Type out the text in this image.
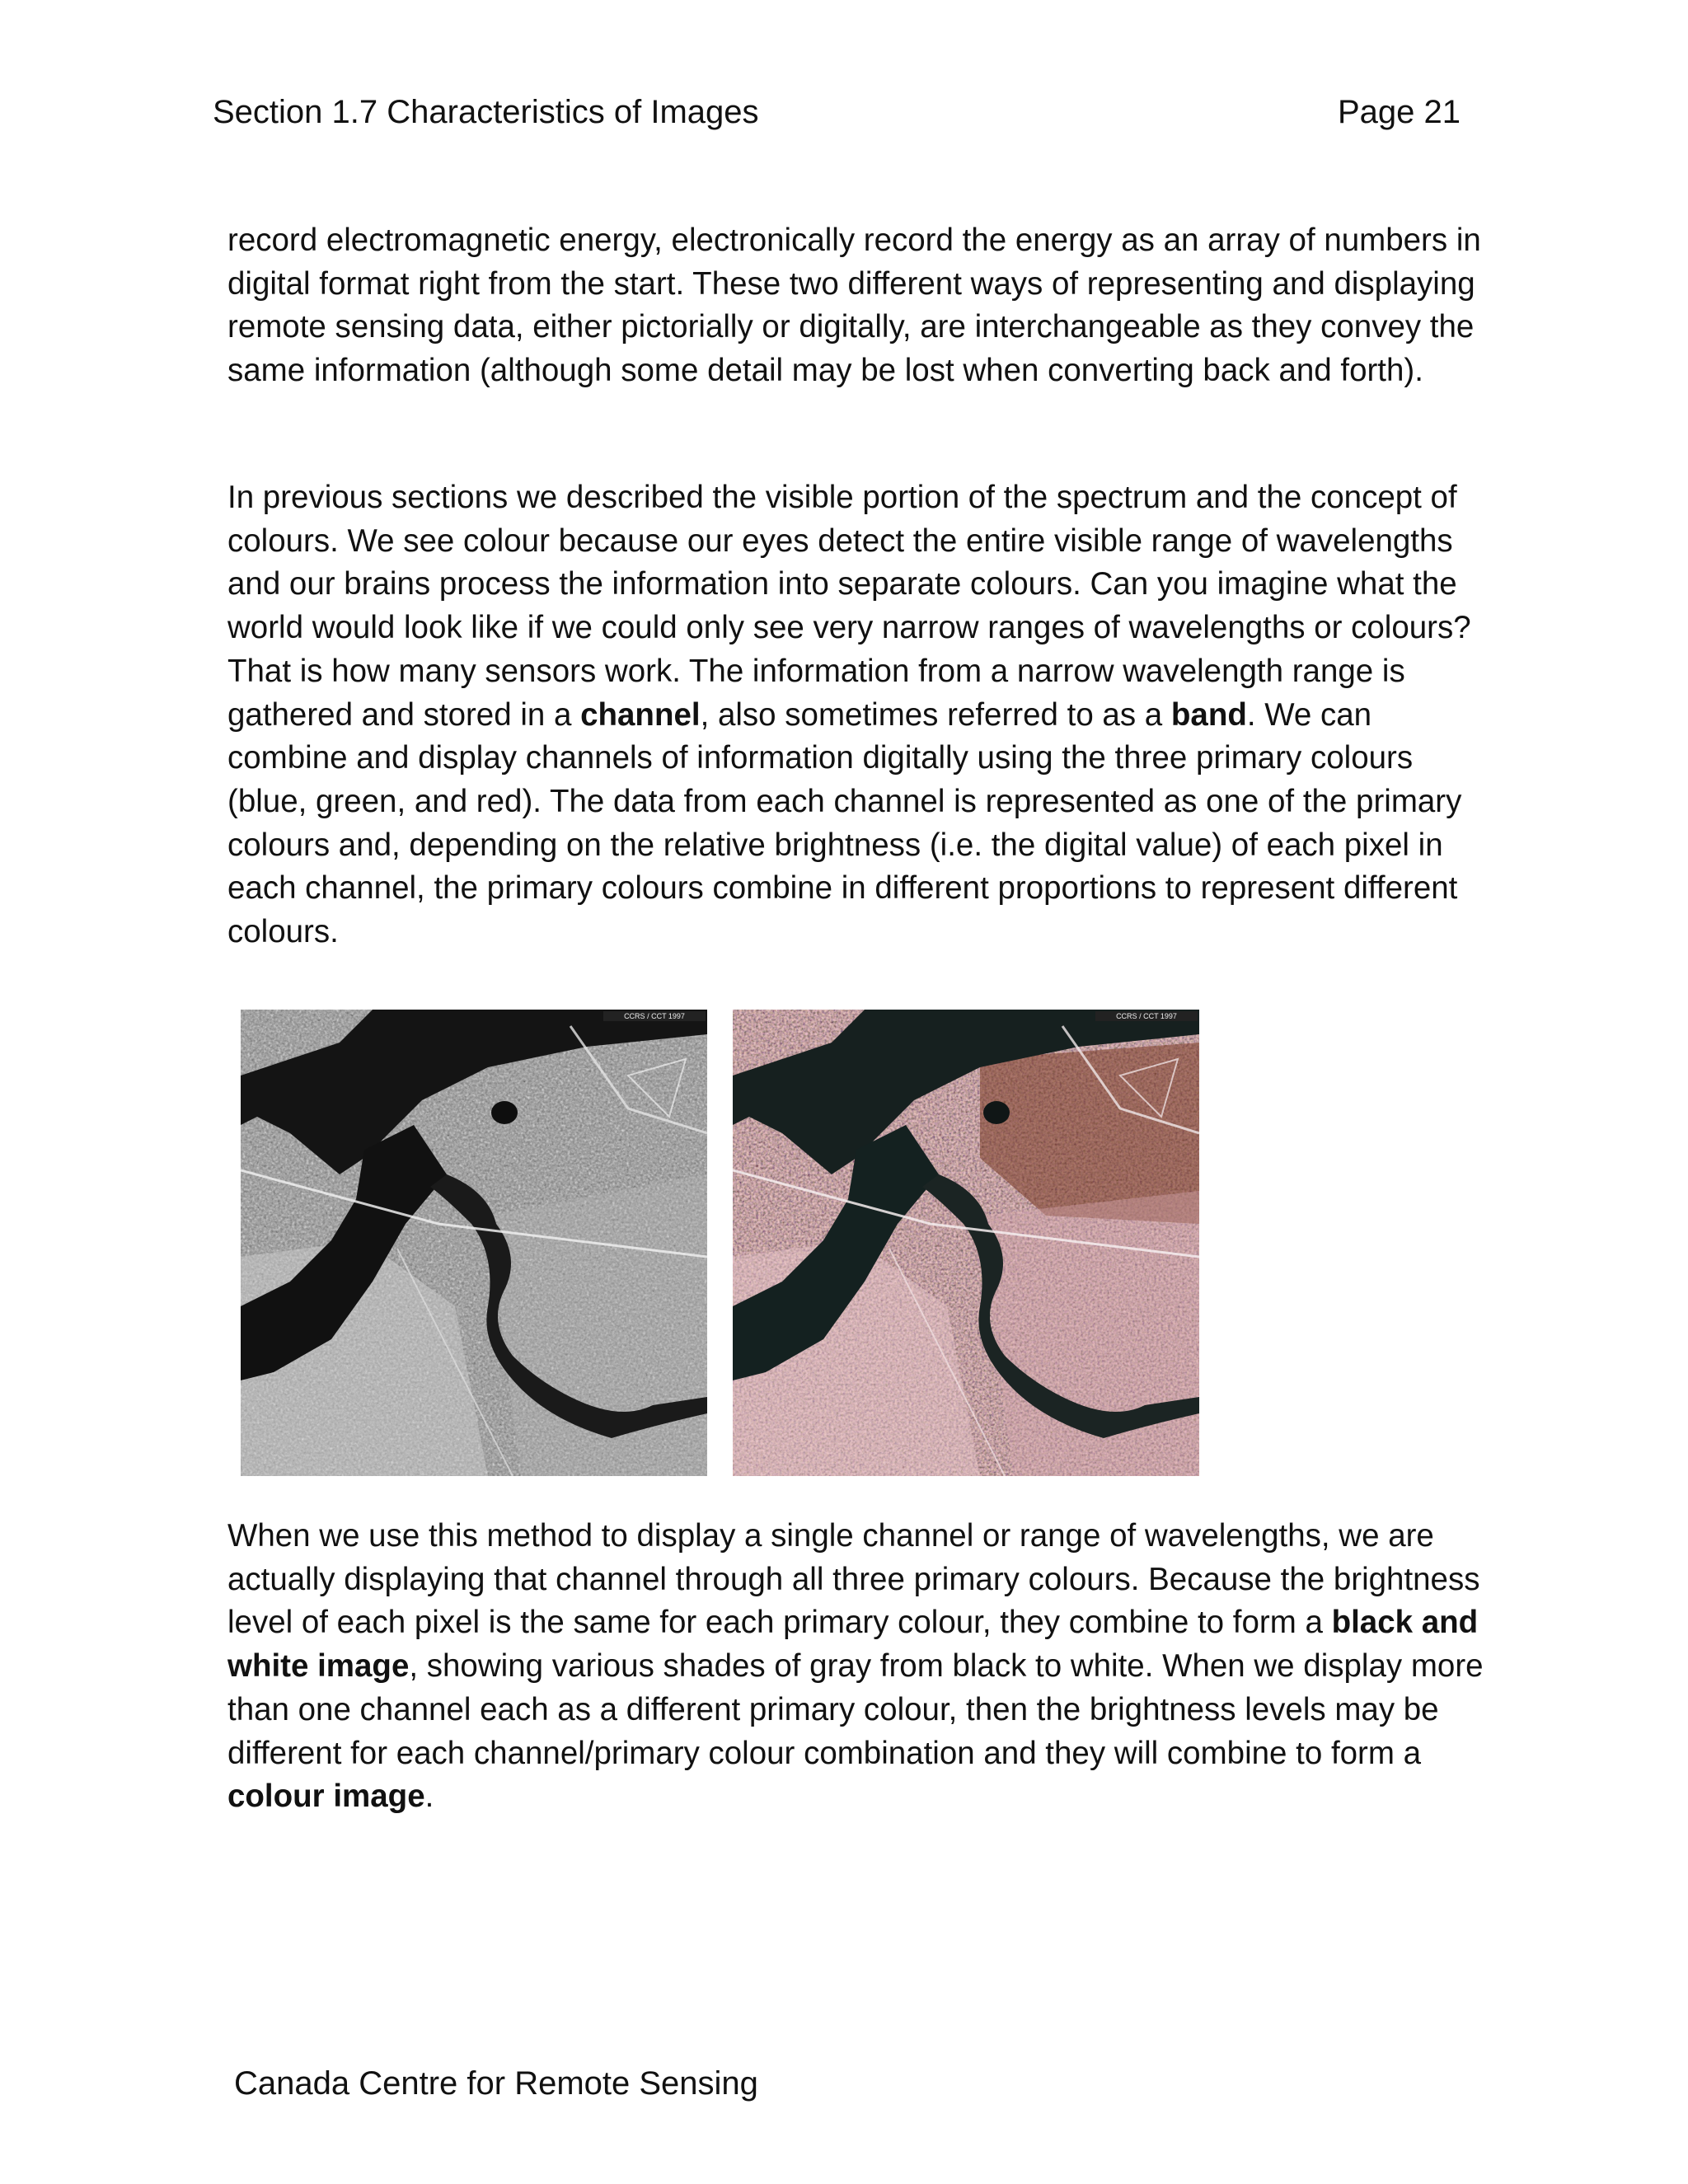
Section 1.7 Characteristics of Images	Page 21

record electromagnetic energy, electronically record the energy as an array of numbers in digital format right from the start. These two different ways of representing and displaying remote sensing data, either pictorially or digitally, are interchangeable as they convey the same information (although some detail may be lost when converting back and forth).

In previous sections we described the visible portion of the spectrum and the concept of colours. We see colour because our eyes detect the entire visible range of wavelengths and our brains process the information into separate colours. Can you imagine what the world would look like if we could only see very narrow ranges of wavelengths or colours? That is how many sensors work. The information from a narrow wavelength range is gathered and stored in a channel, also sometimes referred to as a band. We can combine and display channels of information digitally using the three primary colours (blue, green, and red). The data from each channel is represented as one of the primary colours and, depending on the relative brightness (i.e. the digital value) of each pixel in each channel, the primary colours combine in different proportions to represent different colours.

CCRS / CCT 1997	CCRS / CCT 1997

When we use this method to display a single channel or range of wavelengths, we are actually displaying that channel through all three primary colours. Because the brightness level of each pixel is the same for each primary colour, they combine to form a black and white image, showing various shades of gray from black to white. When we display more than one channel each as a different primary colour, then the brightness levels may be different for each channel/primary colour combination and they will combine to form a colour image.

Canada Centre for Remote Sensing
